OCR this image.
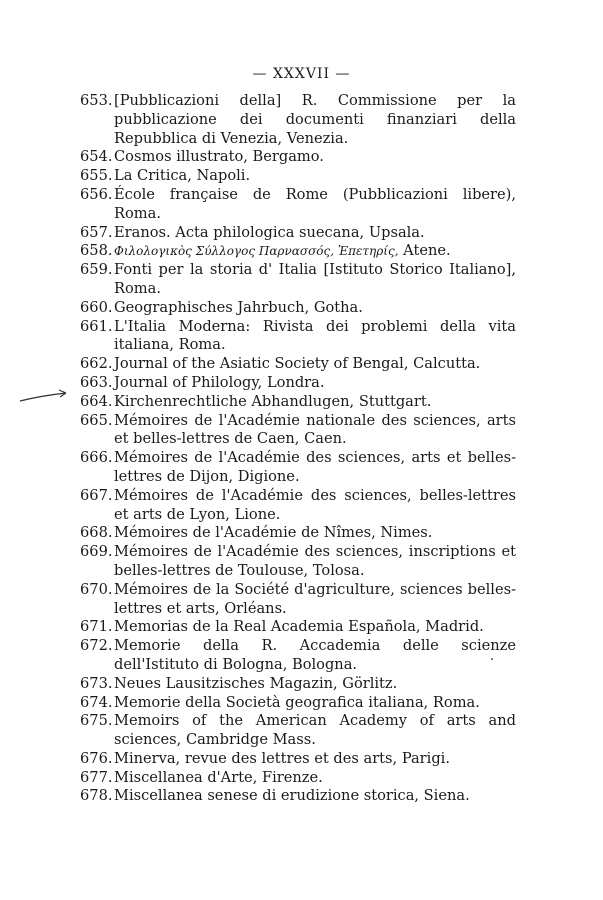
— XXXVII —
653. [Pubblicazioni della] R. Commissione per la pubblicazione dei documenti finanziari della Repubblica di Venezia, Venezia.
654. Cosmos illustrato, Bergamo.
655. La Critica, Napoli.
656. École française de Rome (Pubblicazioni libere), Roma.
657. Eranos. Acta philologica suecana, Upsala.
658. Φιλολογικὸς Σύλλογος Παρνασσός, Ἐπετηρίς, Atene.
659. Fonti per la storia d' Italia [Istituto Storico Italiano], Roma.
660. Geographisches Jahrbuch, Gotha.
661. L'Italia Moderna: Rivista dei problemi della vita italiana, Roma.
662. Journal of the Asiatic Society of Bengal, Calcutta.
663. Journal of Philology, Londra.
664. Kirchenrechtliche Abhandlugen, Stuttgart.
665. Mémoires de l'Académie nationale des sciences, arts et belles-lettres de Caen, Caen.
666. Mémoires de l'Académie des sciences, arts et belles-lettres de Dijon, Digione.
667. Mémoires de l'Académie des sciences, belles-lettres et arts de Lyon, Lione.
668. Mémoires de l'Académie de Nîmes, Nimes.
669. Mémoires de l'Académie des sciences, inscriptions et belles-lettres de Toulouse, Tolosa.
670. Mémoires de la Société d'agriculture, sciences belles-lettres et arts, Orléans.
671. Memorias de la Real Academia Española, Madrid.
672. Memorie della R. Accademia delle scienze dell'Istituto di Bologna, Bologna.
673. Neues Lausitzisches Magazin, Görlitz.
674. Memorie della Società geografica italiana, Roma.
675. Memoirs of the American Academy of arts and sciences, Cambridge Mass.
676. Minerva, revue des lettres et des arts, Parigi.
677. Miscellanea d'Arte, Firenze.
678. Miscellanea senese di erudizione storica, Siena.
